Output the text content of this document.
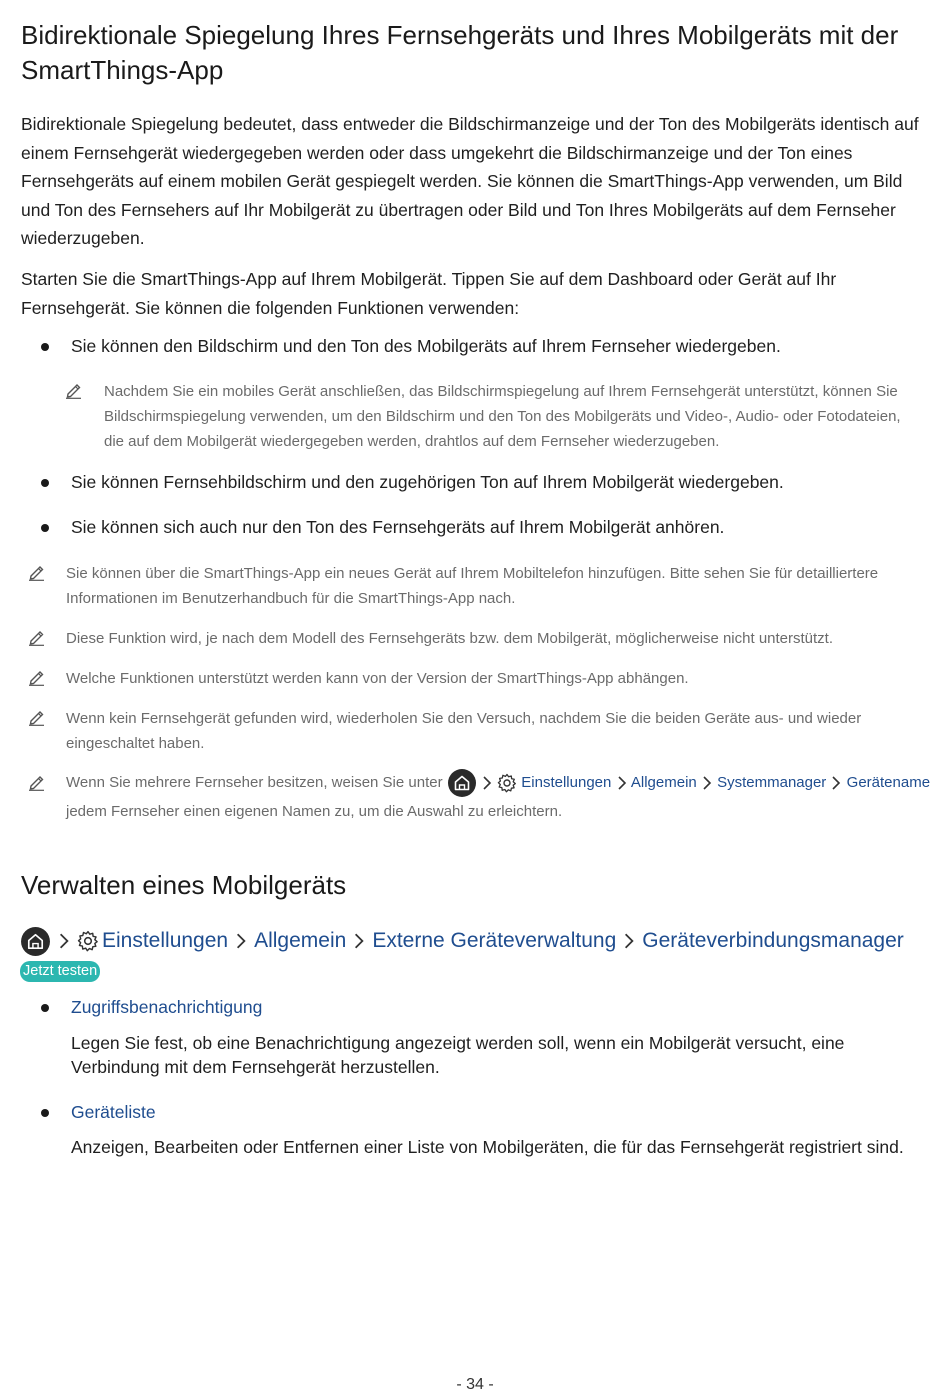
Bidirektionale Spiegelung Ihres Fernsehgeräts und Ihres Mobilgeräts mit der SmartThings-App

Bidirektionale Spiegelung bedeutet, dass entweder die Bildschirmanzeige und der Ton des Mobilgeräts identisch auf einem Fernsehgerät wiedergegeben werden oder dass umgekehrt die Bildschirmanzeige und der Ton eines Fernsehgeräts auf einem mobilen Gerät gespiegelt werden. Sie können die SmartThings-App verwenden, um Bild und Ton des Fernsehers auf Ihr Mobilgerät zu übertragen oder Bild und Ton Ihres Mobilgeräts auf dem Fernseher wiederzugeben.

Starten Sie die SmartThings-App auf Ihrem Mobilgerät. Tippen Sie auf dem Dashboard oder Gerät auf Ihr Fernsehgerät. Sie können die folgenden Funktionen verwenden:

Sie können den Bildschirm und den Ton des Mobilgeräts auf Ihrem Fernseher wiedergeben.

Nachdem Sie ein mobiles Gerät anschließen, das Bildschirmspiegelung auf Ihrem Fernsehgerät unterstützt, können Sie Bildschirmspiegelung verwenden, um den Bildschirm und den Ton des Mobilgeräts und Video-, Audio- oder Fotodateien, die auf dem Mobilgerät wiedergegeben werden, drahtlos auf dem Fernseher wiederzugeben.

Sie können Fernsehbildschirm und den zugehörigen Ton auf Ihrem Mobilgerät wiedergeben.

Sie können sich auch nur den Ton des Fernsehgeräts auf Ihrem Mobilgerät anhören.

Sie können über die SmartThings-App ein neues Gerät auf Ihrem Mobiltelefon hinzufügen. Bitte sehen Sie für detailliertere Informationen im Benutzerhandbuch für die SmartThings-App nach.

Diese Funktion wird, je nach dem Modell des Fernsehgeräts bzw. dem Mobilgerät, möglicherweise nicht unterstützt.

Welche Funktionen unterstützt werden kann von der Version der SmartThings-App abhängen.

Wenn kein Fernsehgerät gefunden wird, wiederholen Sie den Versuch, nachdem Sie die beiden Geräte aus- und wieder eingeschaltet haben.

Wenn Sie mehrere Fernseher besitzen, weisen Sie unter	Einstellungen Allgemein Systemmanager Gerätename jedem Fernseher einen eigenen Namen zu, um die Auswahl zu erleichtern.

Verwalten eines Mobilgeräts
Einstellungen Allgemein Externe Geräteverwaltung Geräteverbindungsmanager
Jetzt testen

Zugriffsbenachrichtigung

Legen Sie fest, ob eine Benachrichtigung angezeigt werden soll, wenn ein Mobilgerät versucht, eine Verbindung mit dem Fernsehgerät herzustellen.

Geräteliste

Anzeigen, Bearbeiten oder Entfernen einer Liste von Mobilgeräten, die für das Fernsehgerät registriert sind.

- 34 -
